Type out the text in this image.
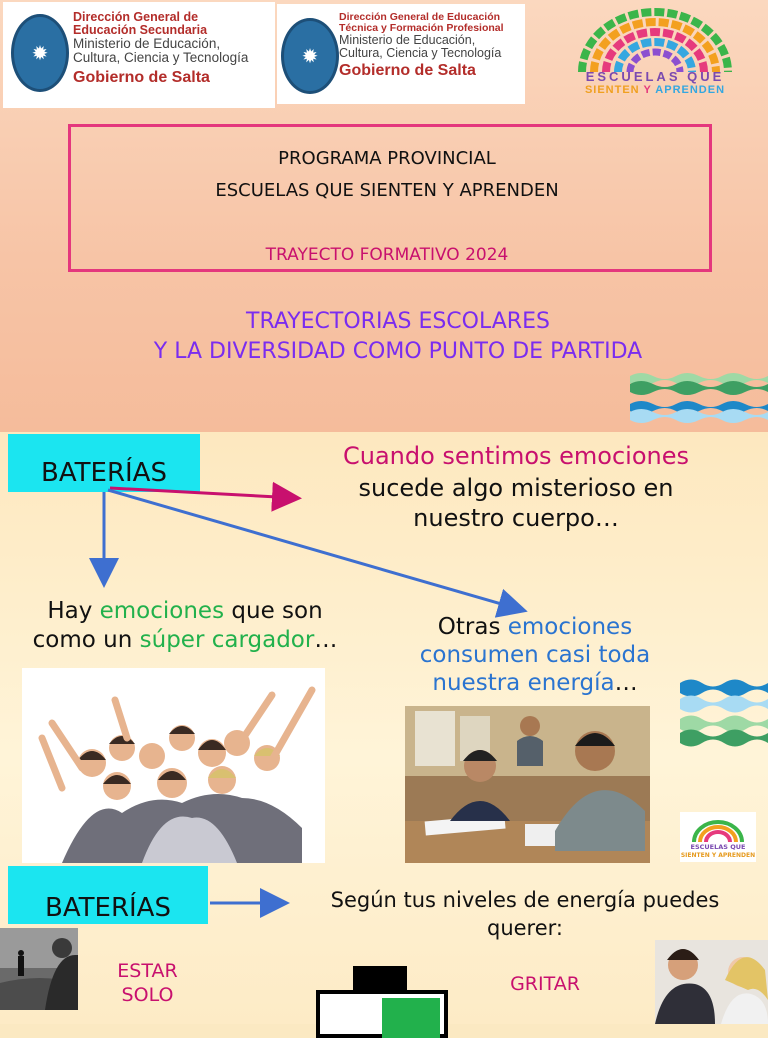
✹
Dirección General de
Educación Secundaria
Ministerio de Educación,
Cultura, Ciencia y Tecnología
Gobierno de Salta
✹
Dirección General de Educación
Técnica y Formación Profesional
Ministerio de Educación,
Cultura, Ciencia y Tecnología
Gobierno de Salta	ESCUELAS QUE
SIENTEN Y APRENDEN
PROGRAMA PROVINCIAL
ESCUELAS QUE SIENTEN Y APRENDEN
TRAYECTO FORMATIVO 2024
TRAYECTORIAS ESCOLARES
Y LA DIVERSIDAD COMO PUNTO DE PARTIDA
BATERÍAS
Cuando sentimos emociones
sucede algo misterioso en
nuestro cuerpo…
Hay emociones que son
como un súper cargador…	Otras emociones
consumen casi toda
nuestra energía…
ESCUELAS QUE
SIENTEN Y APRENDEN
BATERÍAS	Según tus niveles de energía puedes
querer:
ESTAR
SOLO	GRITAR
